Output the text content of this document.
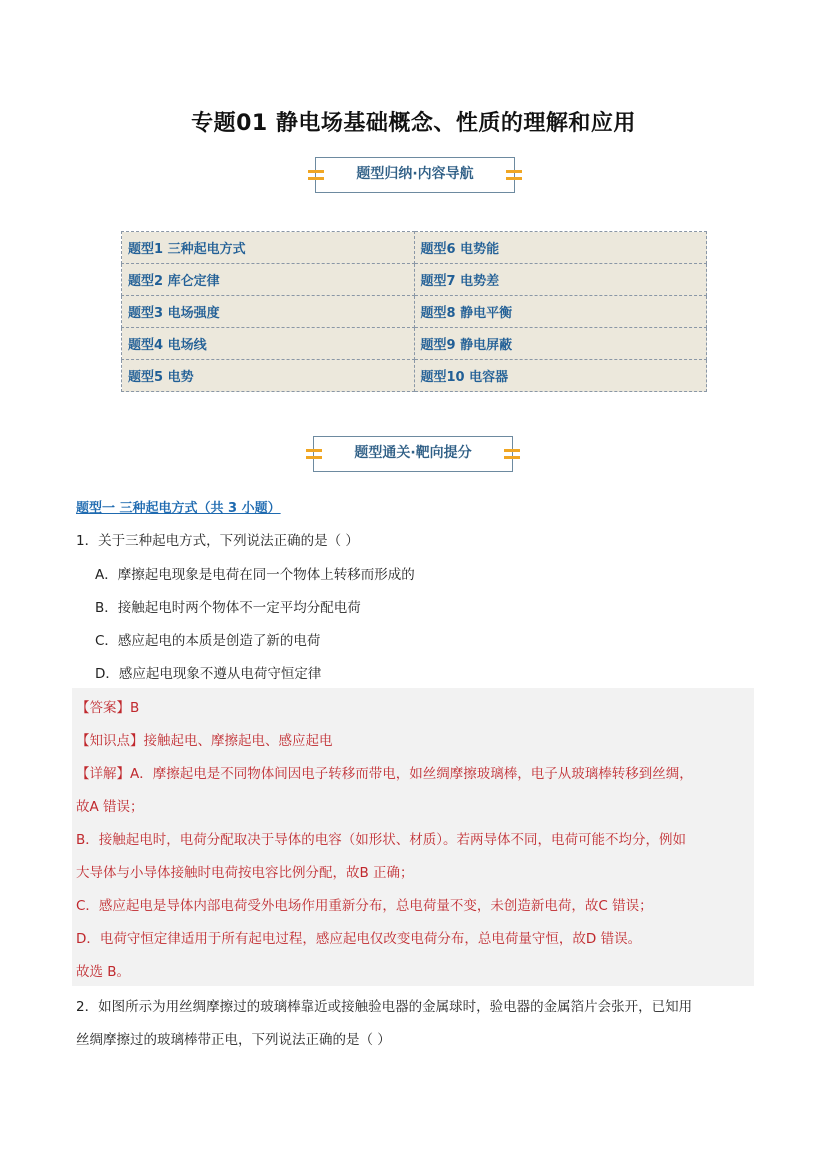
专题01 静电场基础概念、性质的理解和应用
题型归纳·内容导航
题型1 三种起电方式	题型6 电势能
题型2 库仑定律	题型7 电势差
题型3 电场强度	题型8 静电平衡
题型4 电场线	题型9 静电屏蔽
题型5 电势	题型10 电容器
题型通关·靶向提分
题型一 三种起电方式（共 3 小题）
1．关于三种起电方式，下列说法正确的是（ ）
A．摩擦起电现象是电荷在同一个物体上转移而形成的
B．接触起电时两个物体不一定平均分配电荷
C．感应起电的本质是创造了新的电荷
D．感应起电现象不遵从电荷守恒定律
【答案】B
【知识点】接触起电、摩擦起电、感应起电
【详解】A．摩擦起电是不同物体间因电子转移而带电，如丝绸摩擦玻璃棒，电子从玻璃棒转移到丝绸，
故A 错误；
B．接触起电时，电荷分配取决于导体的电容（如形状、材质）。若两导体不同，电荷可能不均分，例如
大导体与小导体接触时电荷按电容比例分配，故B 正确；
C．感应起电是导体内部电荷受外电场作用重新分布，总电荷量不变，未创造新电荷，故C 错误；
D．电荷守恒定律适用于所有起电过程，感应起电仅改变电荷分布，总电荷量守恒，故D 错误。
故选 B。
2．如图所示为用丝绸摩擦过的玻璃棒靠近或接触验电器的金属球时，验电器的金属箔片会张开，已知用
丝绸摩擦过的玻璃棒带正电，下列说法正确的是（ ）
